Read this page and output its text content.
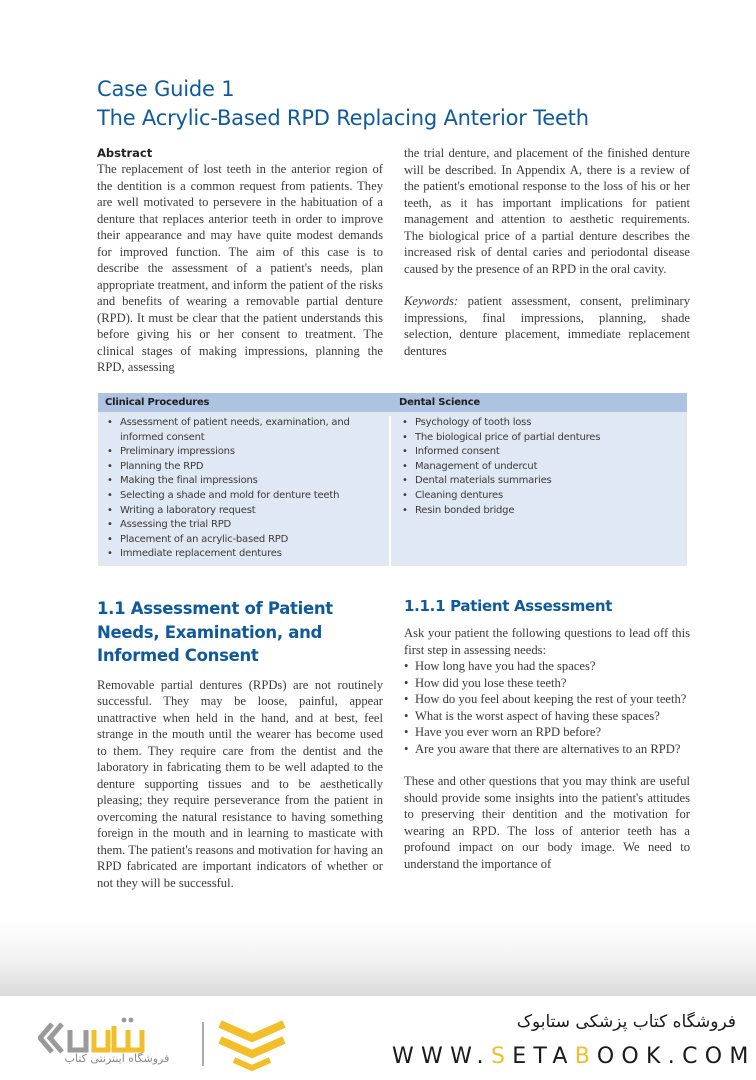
Case Guide 1
The Acrylic-Based RPD Replacing Anterior Teeth
Abstract

The replacement of lost teeth in the anterior region of the dentition is a common request from patients. They are well motivated to persevere in the habituation of a denture that replaces anterior teeth in order to improve their appearance and may have quite modest demands for improved function. The aim of this case is to describe the assessment of a patient's needs, plan appropriate treatment, and inform the patient of the risks and benefits of wearing a removable partial denture (RPD). It must be clear that the patient understands this before giving his or her consent to treatment. The clinical stages of making impressions, planning the RPD, assessing

the trial denture, and placement of the finished denture will be described. In Appendix A, there is a review of the patient's emotional response to the loss of his or her teeth, as it has important implications for patient management and attention to aesthetic requirements. The biological price of a partial denture describes the increased risk of dental caries and periodontal disease caused by the presence of an RPD in the oral cavity.

Keywords: patient assessment, consent, preliminary impressions, final impressions, planning, shade selection, denture placement, immediate replacement dentures

Clinical Procedures	Dental Science
• Assessment of patient needs, examination, and informed consent
• Preliminary impressions
• Planning the RPD
• Making the final impressions
• Selecting a shade and mold for denture teeth
• Writing a laboratory request
• Assessing the trial RPD
• Placement of an acrylic-based RPD
• Immediate replacement dentures
• Psychology of tooth loss
• The biological price of partial dentures
• Informed consent
• Management of undercut
• Dental materials summaries
• Cleaning dentures
• Resin bonded bridge
1.1 Assessment of Patient Needs, Examination, and Informed Consent

Removable partial dentures (RPDs) are not routinely successful. They may be loose, painful, appear unattractive when held in the hand, and at best, feel strange in the mouth until the wearer has become used to them. They require care from the dentist and the laboratory in fabricating them to be well adapted to the denture supporting tissues and to be aesthetically pleasing; they require perseverance from the patient in overcoming the natural resistance to having something foreign in the mouth and in learning to masticate with them. The patient's reasons and motivation for having an RPD fabricated are important indicators of whether or not they will be successful.

1.1.1 Patient Assessment

Ask your patient the following questions to lead off this first step in assessing needs:

• How long have you had the spaces?
• How did you lose these teeth?
• How do you feel about keeping the rest of your teeth?
• What is the worst aspect of having these spaces?
• Have you ever worn an RPD before?
• Are you aware that there are alternatives to an RPD?

These and other questions that you may think are useful should provide some insights into the patient's attitudes to preserving their dentition and the motivation for wearing an RPD. The loss of anterior teeth has a profound impact on our body image. We need to understand the importance of

فروشگاه اینترنتی کتاب
فروشگاه کتاب پزشکی ستابوک
WWW.SETABOOK.COM
